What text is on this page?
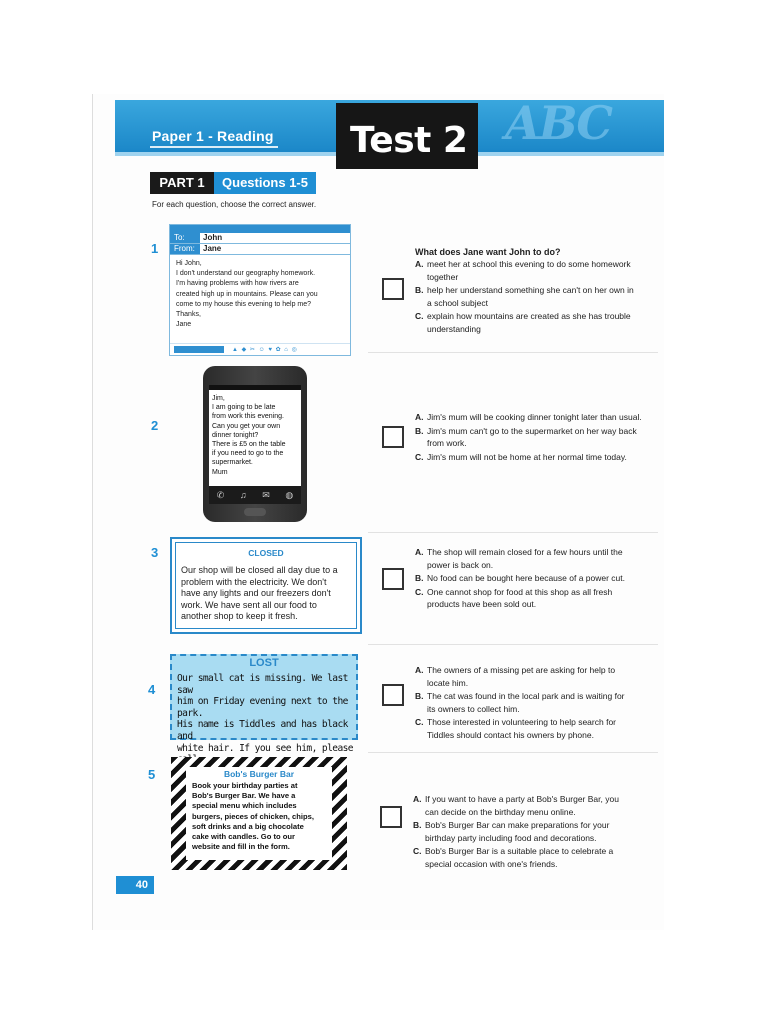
ABC
Paper 1 - Reading Test 2
PART 1	Questions 1-5
For each question, choose the correct answer.
1
To:	John
From:	Jane
Hi John,
I don't understand our geography homework.
I'm having problems with how rivers are
created high up in mountains. Please can you
come to my house this evening to help me?
Thanks,
Jane
▲ ◆ ✂ ☺ ♥ ✿ ⌂ ◎
What does Jane want John to do?
A. meet her at school this evening to do some homework
together
B. help her understand something she can't on her own in
a school subject
C. explain how mountains are created as she has trouble
understanding
2
Jim,
I am going to be late
from work this evening.
Can you get your own
dinner tonight?
There is £5 on the table
if you need to go to the
supermarket.
Mum
✆ ♫ ✉ ◍
A. Jim's mum will be cooking dinner tonight later than usual.
B. Jim's mum can't go to the supermarket on her way back
from work.
C. Jim's mum will not be home at her normal time today.
3	CLOSED
Our shop will be closed all day due to a
problem with the electricity. We don't
have any lights and our freezers don't
work. We have sent all our food to
another shop to keep it fresh.
A. The shop will remain closed for a few hours until the
power is back on.
B. No food can be bought here because of a power cut.
C. One cannot shop for food at this shop as all fresh
products have been sold out.
4
LOST
Our small cat is missing. We last saw
him on Friday evening next to the park.
His name is Tiddles and has black and
white hair. If you see him, please
A. The owners of a missing pet are asking for help to
locate him.
B. The cat was found in the local park and is waiting for
its owners to collect him.
C. Those interested in volunteering to help search for
Tiddles should contact his owners by phone.
5	Bob's Burger Bar
Book your birthday parties at
Bob's Burger Bar. We have a
special menu which includes
burgers, pieces of chicken, chips,
soft drinks and a big chocolate
cake with candles. Go to our
website and fill in the form.
A. If you want to have a party at Bob's Burger Bar, you
can decide on the birthday menu online.
B. Bob's Burger Bar can make preparations for your
birthday party including food and decorations.
C. Bob's Burger Bar is a suitable place to celebrate a
special occasion with one's friends.
40
